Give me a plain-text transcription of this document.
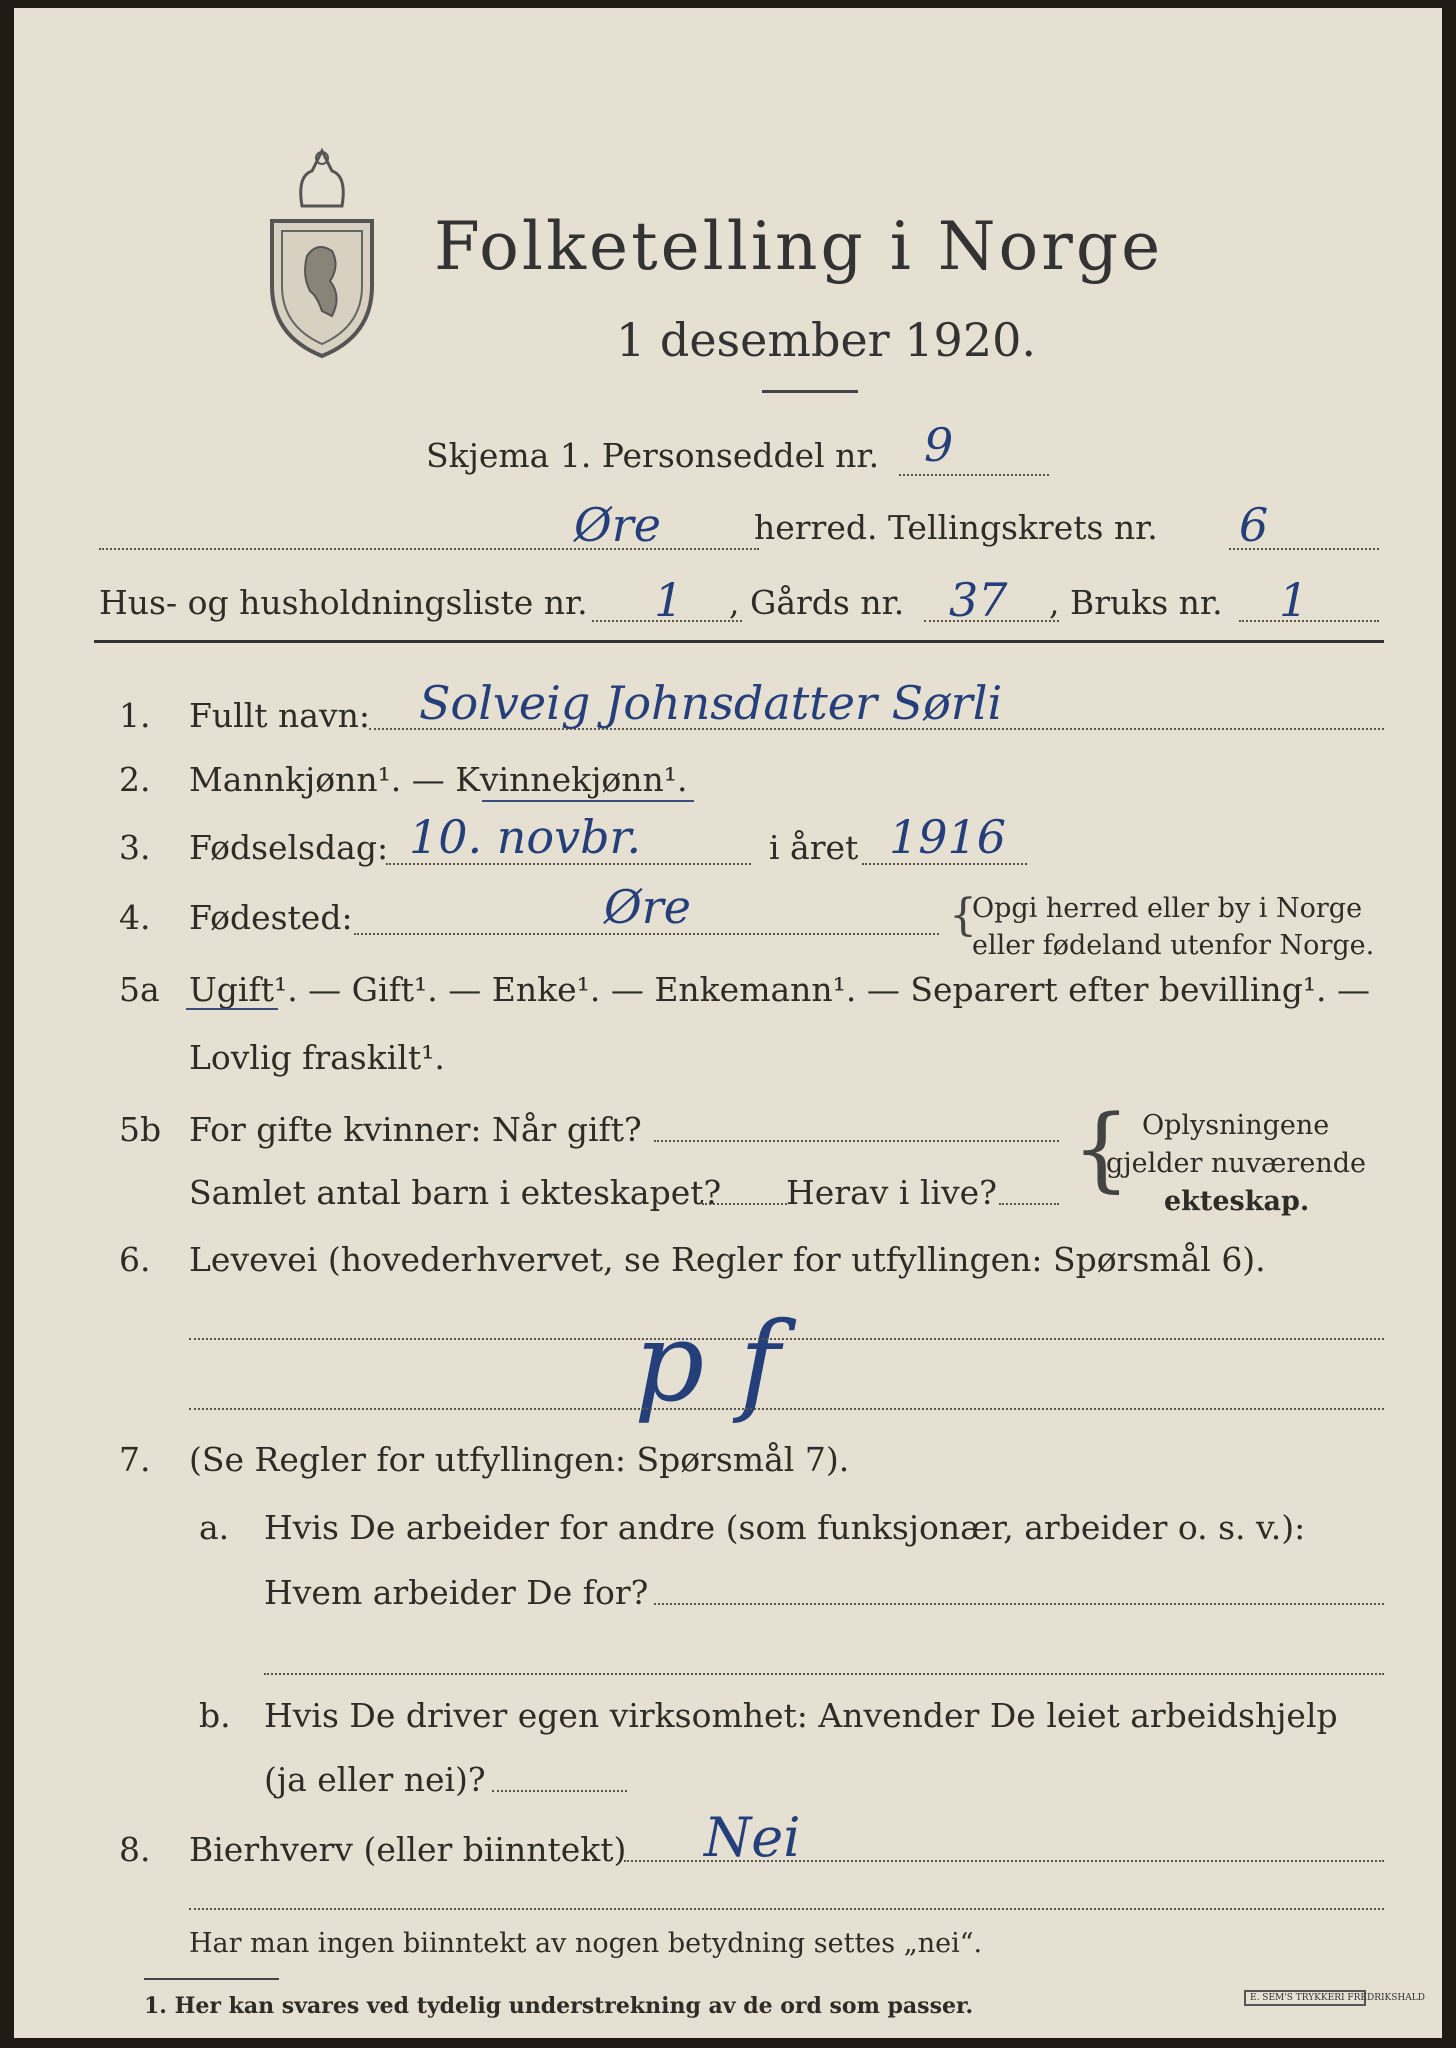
Folketelling i Norge
1 desember 1920.
Skjema 1. Personseddel nr. 9
Øre	herred. Tellingskrets nr. 6
Hus- og husholdningsliste nr. 1 , Gårds nr. 37 , Bruks nr. 1
1. Fullt navn: Solveig Johnsdatter Sørli
2. Mannkjønn¹. — Kvinnekjønn¹.
3. Fødselsdag: 10. novbr.	i året 1916
4. Fødested:	Øre	{
Opgi herred eller by i Norge
eller fødeland utenfor Norge.
5a Ugift¹. — Gift¹. — Enke¹. — Enkemann¹. — Separert efter bevilling¹. —
Lovlig fraskilt¹.
5b For gifte kvinner: Når gift?
Samlet antal barn i ekteskapet? Herav i live? { Oplysningene
gjelder nuværende
ekteskap.
6. Levevei (hovederhvervet, se Regler for utfyllingen: Spørsmål 6).
p f
7. (Se Regler for utfyllingen: Spørsmål 7).
a. Hvis De arbeider for andre (som funksjonær, arbeider o. s. v.):
Hvem arbeider De for?
b. Hvis De driver egen virksomhet: Anvender De leiet arbeidshjelp
(ja eller nei)?
8. Bierhverv (eller biinntekt) Nei
Har man ingen biinntekt av nogen betydning settes „nei“.
1. Her kan svares ved tydelig understrekning av de ord som passer.	E. SEM'S TRYKKERI FREDRIKSHALD
